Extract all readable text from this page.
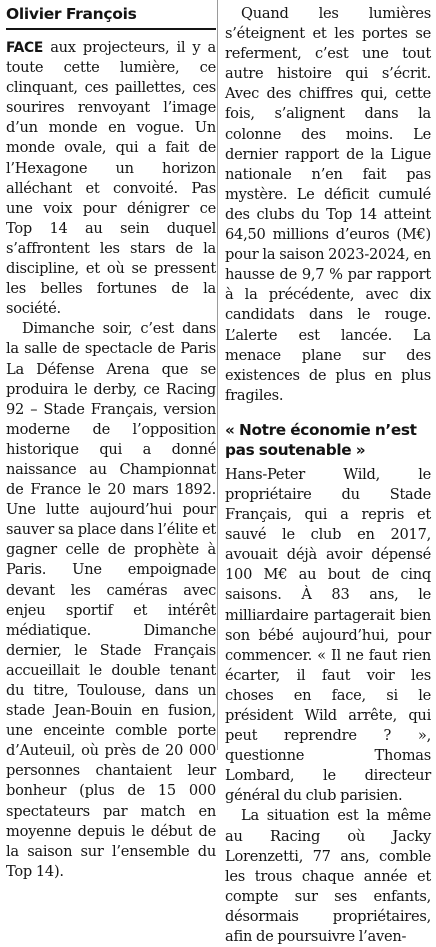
Olivier François

FACE aux projecteurs, il y a toute cette lumière, ce clinquant, ces paillettes, ces sourires renvoyant l’image d’un monde en vogue. Un monde ovale, qui a fait de l’Hexagone un horizon alléchant et convoité. Pas une voix pour dénigrer ce Top 14 au sein duquel s’affrontent les stars de la discipline, et où se pressent les belles fortunes de la société.

Dimanche soir, c’est dans la salle de spectacle de Paris La Défense Arena que se produira le derby, ce Racing 92 – Stade Français, version moderne de l’opposition historique qui a donné naissance au Championnat de France le 20 mars 1892. Une lutte aujourd’hui pour sauver sa place dans l’élite et gagner celle de prophète à Paris. Une empoignade devant les caméras avec enjeu sportif et intérêt médiatique. Dimanche dernier, le Stade Français accueillait le double tenant du titre, Toulouse, dans un stade Jean-Bouin en fusion, une enceinte comble porte d’Auteuil, où près de 20 000 personnes chantaient leur bonheur (plus de 15 000 spectateurs par match en moyenne depuis le début de la saison sur l’ensemble du Top 14).

Quand les lumières s’éteignent et les portes se referment, c’est une tout autre histoire qui s’écrit. Avec des chiffres qui, cette fois, s’alignent dans la colonne des moins. Le dernier rapport de la Ligue nationale n’en fait pas mystère. Le déficit cumulé des clubs du Top 14 atteint 64,50 millions d’euros (M€) pour la saison 2023-2024, en hausse de 9,7 % par rapport à la précédente, avec dix candidats dans le rouge. L’alerte est lancée. La menace plane sur des existences de plus en plus fragiles.

« Notre économie n’est pas soutenable »

Hans-Peter Wild, le propriétaire du Stade Français, qui a repris et sauvé le club en 2017, avouait déjà avoir dépensé 100 M€ au bout de cinq saisons. À 83 ans, le milliardaire partagerait bien son bébé aujourd’hui, pour commencer. « Il ne faut rien écarter, il faut voir les choses en face, si le président Wild arrête, qui peut reprendre ? », questionne Thomas Lombard, le directeur général du club parisien.

La situation est la même au Racing où Jacky Lorenzetti, 77 ans, comble les trous chaque année et compte sur ses enfants, désormais propriétaires, afin de poursuivre l’aven-
